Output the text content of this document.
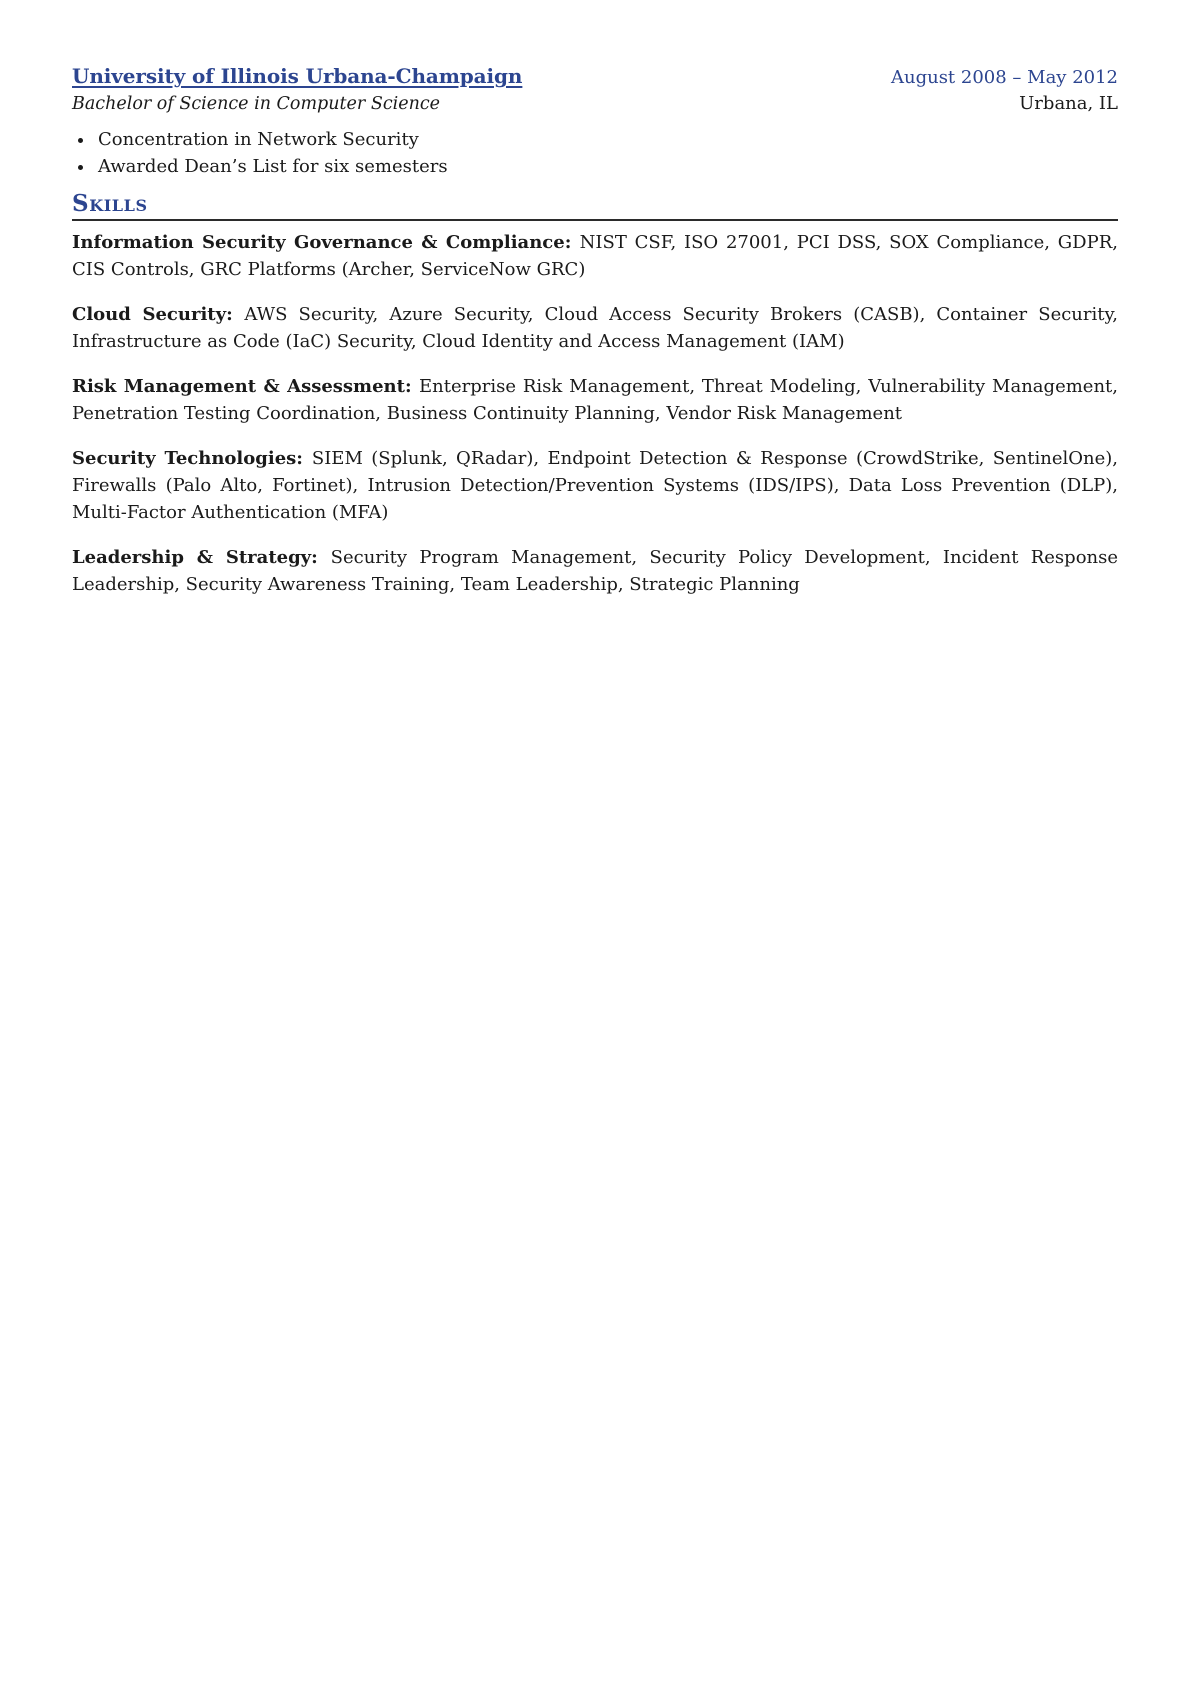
University of Illinois Urbana-Champaign	August 2008 – May 2012
Bachelor of Science in Computer Science	Urbana, IL
Concentration in Network Security
Awarded Dean’s List for six semesters
Skills

Information Security Governance & Compliance: NIST CSF, ISO 27001, PCI DSS, SOX Compliance, GDPR, CIS Controls, GRC Platforms (Archer, ServiceNow GRC)

Cloud Security: AWS Security, Azure Security, Cloud Access Security Brokers (CASB), Container Security, Infrastructure as Code (IaC) Security, Cloud Identity and Access Management (IAM)

Risk Management & Assessment: Enterprise Risk Management, Threat Modeling, Vulnerability Management, Penetration Testing Coordination, Business Continuity Planning, Vendor Risk Management

Security Technologies: SIEM (Splunk, QRadar), Endpoint Detection & Response (CrowdStrike, SentinelOne), Firewalls (Palo Alto, Fortinet), Intrusion Detection/Prevention Systems (IDS/IPS), Data Loss Prevention (DLP), Multi-Factor Authentication (MFA)

Leadership & Strategy: Security Program Management, Security Policy Development, Incident Response Leadership, Security Awareness Training, Team Leadership, Strategic Planning
